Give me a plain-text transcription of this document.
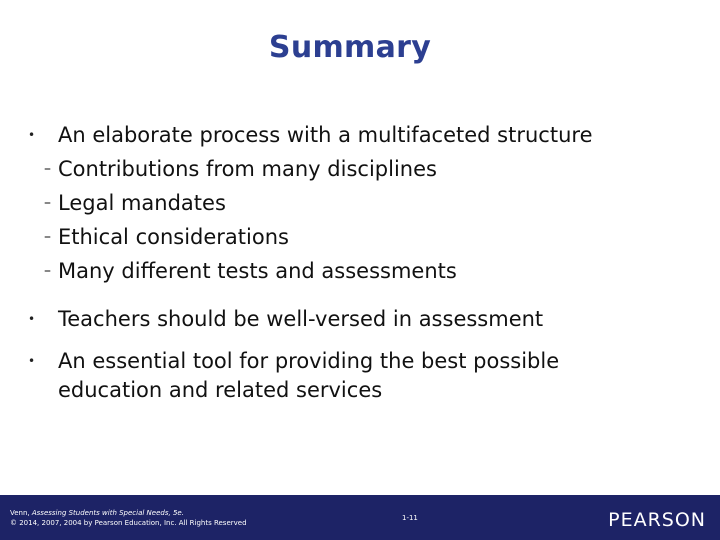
Summary
• An elaborate process with a multifaceted structure
– Contributions from many disciplines
– Legal mandates
– Ethical considerations
– Many different tests and assessments
• Teachers should be well-versed in assessment
• An essential tool for providing the best possible
education and related services
Venn, Assessing Students with Special Needs, 5e.
© 2014, 2007, 2004 by Pearson Education, Inc. All Rights Reserved
1-11	PEARSON
